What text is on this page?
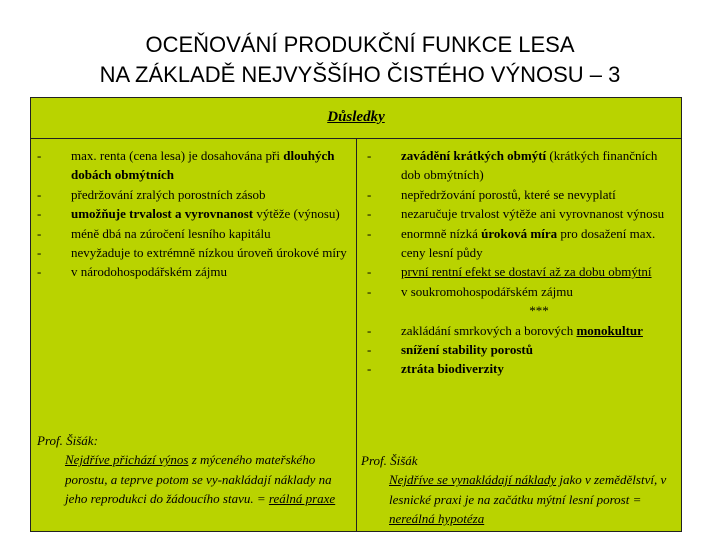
OCEŇOVÁNÍ PRODUKČNÍ FUNKCE LESA
NA ZÁKLADĚ NEJVYŠŠÍHO ČISTÉHO VÝNOSU – 3
Důsledky
- max. renta (cena lesa) je dosahována při dlouhých dobách obmýtních
- předržování zralých porostních zásob
- umožňuje trvalost a vyrovnanost výtěže (výnosu)
- méně dbá na zúročení lesního kapitálu
- nevyžaduje to extrémně nízkou úroveň úrokové míry
- v národohospodářském zájmu
- zavádění krátkých obmýtí (krátkých finančních dob obmýtních)
- nepředržování porostů, které se nevyplatí
- nezaručuje trvalost výtěže ani vyrovnanost výnosu
- enormně nízká úroková míra pro dosažení max. ceny lesní půdy
- první rentní efekt se dostaví až za dobu obmýtní
- v soukromohospodářském zájmu
***
- zakládání smrkových a borových monokultur
- snížení stability porostů
- ztráta biodiverzity
Prof. Šišák:
Nejdříve přichází výnos z mýceného mateřského porostu, a teprve potom se vy-nakládají náklady na jeho reprodukci do žádoucího stavu. = reálná praxe
Prof. Šišák
Nejdříve se vynakládají náklady jako v zemědělství, v lesnické praxi je na začátku mýtní lesní porost = nereálná hypotéza
